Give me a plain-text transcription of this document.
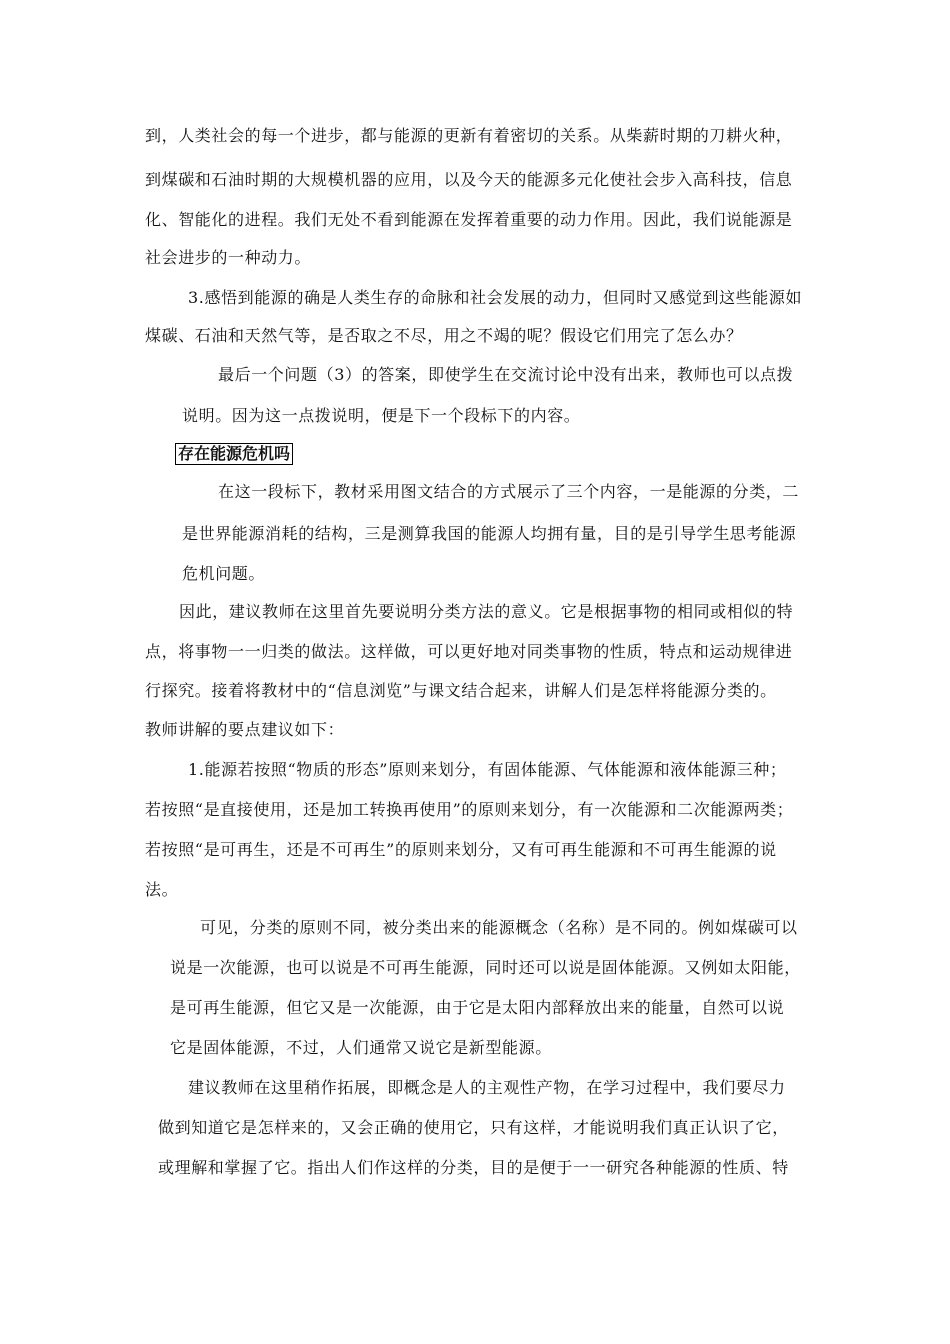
到，人类社会的每一个进步，都与能源的更新有着密切的关系。从柴薪时期的刀耕火种，
到煤碳和石油时期的大规模机器的应用，以及今天的能源多元化使社会步入高科技，信息
化、智能化的进程。我们无处不看到能源在发挥着重要的动力作用。因此，我们说能源是
社会进步的一种动力。
3.感悟到能源的确是人类生存的命脉和社会发展的动力，但同时又感觉到这些能源如
煤碳、石油和天然气等，是否取之不尽，用之不竭的呢？假设它们用完了怎么办？
最后一个问题（3）的答案，即使学生在交流讨论中没有出来，教师也可以点拨
说明。因为这一点拨说明，便是下一个段标下的内容。
存在能源危机吗
在这一段标下，教材采用图文结合的方式展示了三个内容，一是能源的分类，二
是世界能源消耗的结构，三是测算我国的能源人均拥有量，目的是引导学生思考能源
危机问题。
因此，建议教师在这里首先要说明分类方法的意义。它是根据事物的相同或相似的特
点，将事物一一归类的做法。这样做，可以更好地对同类事物的性质，特点和运动规律进
行探究。接着将教材中的“信息浏览”与课文结合起来，讲解人们是怎样将能源分类的。
教师讲解的要点建议如下：
1.能源若按照“物质的形态”原则来划分，有固体能源、气体能源和液体能源三种；
若按照“是直接使用，还是加工转换再使用”的原则来划分，有一次能源和二次能源两类；
若按照“是可再生，还是不可再生”的原则来划分，又有可再生能源和不可再生能源的说
法。
可见，分类的原则不同，被分类出来的能源概念（名称）是不同的。例如煤碳可以
说是一次能源，也可以说是不可再生能源，同时还可以说是固体能源。又例如太阳能，
是可再生能源，但它又是一次能源，由于它是太阳内部释放出来的能量，自然可以说
它是固体能源，不过，人们通常又说它是新型能源。
建议教师在这里稍作拓展，即概念是人的主观性产物，在学习过程中，我们要尽力
做到知道它是怎样来的，又会正确的使用它，只有这样，才能说明我们真正认识了它，
或理解和掌握了它。指出人们作这样的分类，目的是便于一一研究各种能源的性质、特
